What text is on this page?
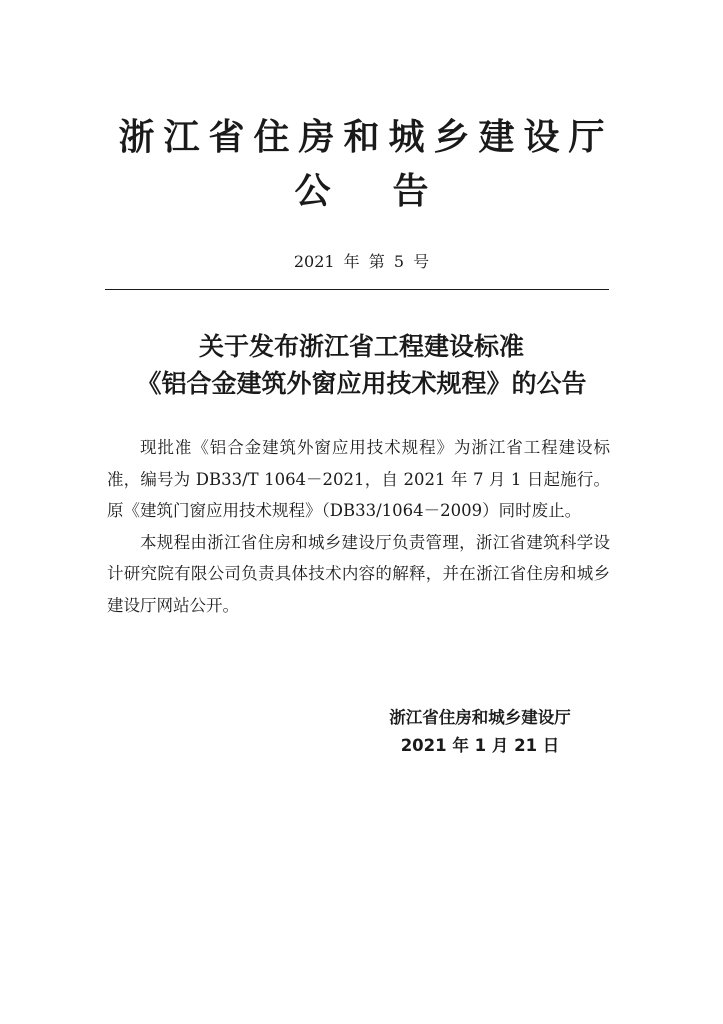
浙江省住房和城乡建设厅
公告
2021 年 第 5 号
关于发布浙江省工程建设标准
《铝合金建筑外窗应用技术规程》的公告

现批准《铝合金建筑外窗应用技术规程》为浙江省工程建设标准，编号为 DB33/T 1064－2021，自 2021 年 7 月 1 日起施行。原《建筑门窗应用技术规程》（DB33/1064－2009）同时废止。

本规程由浙江省住房和城乡建设厅负责管理，浙江省建筑科学设计研究院有限公司负责具体技术内容的解释，并在浙江省住房和城乡建设厅网站公开。

浙江省住房和城乡建设厅
2021 年 1 月 21 日
